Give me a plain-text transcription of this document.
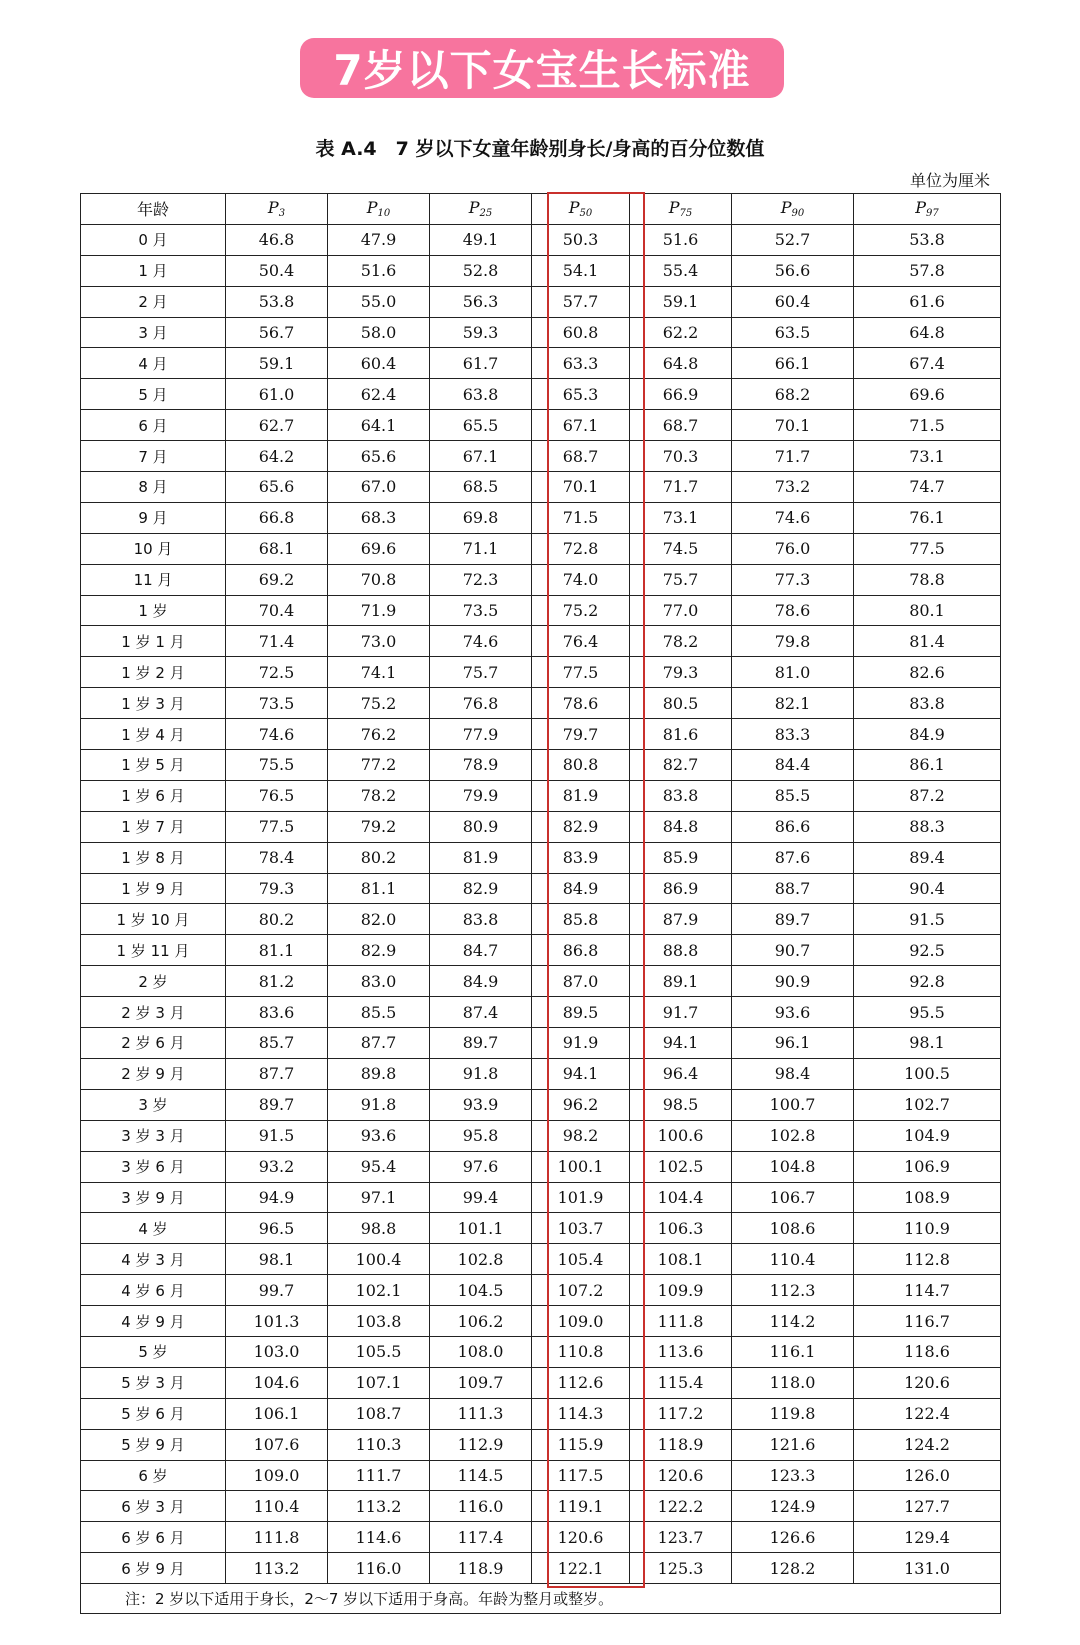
7岁以下女宝生长标准
表 A.4　7 岁以下女童年龄别身长/身高的百分位数值
单位为厘米
年龄	$P_3$	$P_{10}$	$P_{25}$	$P_{50}$	$P_{75}$	$P_{90}$	$P_{97}$
0 月	46.8	47.9	49.1	50.3	51.6	52.7	53.8
1 月	50.4	51.6	52.8	54.1	55.4	56.6	57.8
2 月	53.8	55.0	56.3	57.7	59.1	60.4	61.6
3 月	56.7	58.0	59.3	60.8	62.2	63.5	64.8
4 月	59.1	60.4	61.7	63.3	64.8	66.1	67.4
5 月	61.0	62.4	63.8	65.3	66.9	68.2	69.6
6 月	62.7	64.1	65.5	67.1	68.7	70.1	71.5
7 月	64.2	65.6	67.1	68.7	70.3	71.7	73.1
8 月	65.6	67.0	68.5	70.1	71.7	73.2	74.7
9 月	66.8	68.3	69.8	71.5	73.1	74.6	76.1
10 月	68.1	69.6	71.1	72.8	74.5	76.0	77.5
11 月	69.2	70.8	72.3	74.0	75.7	77.3	78.8
1 岁	70.4	71.9	73.5	75.2	77.0	78.6	80.1
1 岁 1 月	71.4	73.0	74.6	76.4	78.2	79.8	81.4
1 岁 2 月	72.5	74.1	75.7	77.5	79.3	81.0	82.6
1 岁 3 月	73.5	75.2	76.8	78.6	80.5	82.1	83.8
1 岁 4 月	74.6	76.2	77.9	79.7	81.6	83.3	84.9
1 岁 5 月	75.5	77.2	78.9	80.8	82.7	84.4	86.1
1 岁 6 月	76.5	78.2	79.9	81.9	83.8	85.5	87.2
1 岁 7 月	77.5	79.2	80.9	82.9	84.8	86.6	88.3
1 岁 8 月	78.4	80.2	81.9	83.9	85.9	87.6	89.4
1 岁 9 月	79.3	81.1	82.9	84.9	86.9	88.7	90.4
1 岁 10 月	80.2	82.0	83.8	85.8	87.9	89.7	91.5
1 岁 11 月	81.1	82.9	84.7	86.8	88.8	90.7	92.5
2 岁	81.2	83.0	84.9	87.0	89.1	90.9	92.8
2 岁 3 月	83.6	85.5	87.4	89.5	91.7	93.6	95.5
2 岁 6 月	85.7	87.7	89.7	91.9	94.1	96.1	98.1
2 岁 9 月	87.7	89.8	91.8	94.1	96.4	98.4	100.5
3 岁	89.7	91.8	93.9	96.2	98.5	100.7	102.7
3 岁 3 月	91.5	93.6	95.8	98.2	100.6	102.8	104.9
3 岁 6 月	93.2	95.4	97.6	100.1	102.5	104.8	106.9
3 岁 9 月	94.9	97.1	99.4	101.9	104.4	106.7	108.9
4 岁	96.5	98.8	101.1	103.7	106.3	108.6	110.9
4 岁 3 月	98.1	100.4	102.8	105.4	108.1	110.4	112.8
4 岁 6 月	99.7	102.1	104.5	107.2	109.9	112.3	114.7
4 岁 9 月	101.3	103.8	106.2	109.0	111.8	114.2	116.7
5 岁	103.0	105.5	108.0	110.8	113.6	116.1	118.6
5 岁 3 月	104.6	107.1	109.7	112.6	115.4	118.0	120.6
5 岁 6 月	106.1	108.7	111.3	114.3	117.2	119.8	122.4
5 岁 9 月	107.6	110.3	112.9	115.9	118.9	121.6	124.2
6 岁	109.0	111.7	114.5	117.5	120.6	123.3	126.0
6 岁 3 月	110.4	113.2	116.0	119.1	122.2	124.9	127.7
6 岁 6 月	111.8	114.6	117.4	120.6	123.7	126.6	129.4
6 岁 9 月	113.2	116.0	118.9	122.1	125.3	128.2	131.0
注：2 岁以下适用于身长，2～7 岁以下适用于身高。年龄为整月或整岁。							
